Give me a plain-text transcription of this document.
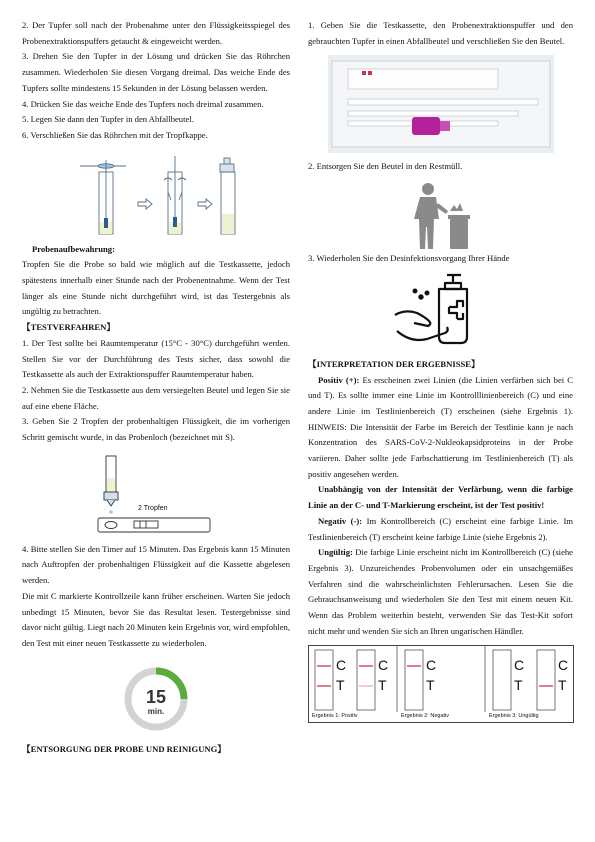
2. Der Tupfer soll nach der Probenahme unter den Flüssigkeitsspiegel des Probenextraktionspuffers getaucht & eingeweicht werden.

3. Drehen Sie den Tupfer in der Lösung und drücken Sie das Röhrchen zusammen. Wiederholen Sie diesen Vorgang dreimal. Das weiche Ende des Tupfers sollte mindestens 15 Sekunden in der Lösung belassen werden.

4. Drücken Sie das weiche Ende des Tupfers noch dreimal zusammen.

5. Legen Sie dann den Tupfer in den Abfallbeutel.

6. Verschließen Sie das Röhrchen mit der Tropfkappe.

Probenaufbewahrung:

Tropfen Sie die Probe so bald wie möglich auf die Testkassette, jedoch spätestens innerhalb einer Stunde nach der Probenentnahme. Wenn der Test länger als eine Stunde nicht durchgeführt wird, ist das Testergebnis als ungültig zu betrachten.

【TESTVERFAHREN】

1. Der Test sollte bei Raumtemperatur (15°C - 30°C) durchgeführt werden. Stellen Sie vor der Durchführung des Tests sicher, dass sowohl die Testkassette als auch der Extraktionspuffer Raumtemperatur haben.

2. Nehmen Sie die Testkassette aus dem versiegelten Beutel und legen Sie sie auf eine ebene Fläche.

3. Geben Sie 2 Tropfen der probenhaltigen Flüssigkeit, die im vorherigen Schritt gemischt wurde, in das Probenloch (bezeichnet mit S).

2 Tropfen

4. Bitte stellen Sie den Timer auf 15 Minuten. Das Ergebnis kann 15 Minuten nach Auftropfen der probenhaltigen Flüssigkeit auf die Kassette abgelesen werden.

Die mit C markierte Kontrollzeile kann früher erscheinen. Warten Sie jedoch unbedingt 15 Minuten, bevor Sie das Resultat lesen. Testergebnisse sind davor nicht gültig. Liegt nach 20 Minuten kein Ergebnis vor, wird empfohlen, den Test mit einer neuen Testkassette zu wiederholen.

15
min.

【ENTSORGUNG DER PROBE UND REINIGUNG】

1. Geben Sie die Testkassette, den Probenextraktionspuffer und den gebrauchten Tupfer in einen Abfallbeutel und verschließen Sie den Beutel.

2. Entsorgen Sie den Beutel in den Restmüll.

3. Wiederholen Sie den Desinfektionsvorgang Ihrer Hände

【INTERPRETATION DER ERGEBNISSE】

Positiv (+): Es erscheinen zwei Linien (die Linien verfärben sich bei C und T). Es sollte immer eine Linie im Kontrolllinienbereich (C) und eine andere Linie im Testlinienbereich (T) erscheinen (siehe Ergebnis 1). HINWEIS: Die Intensität der Farbe im Bereich der Testlinie kann je nach Konzentration des SARS-CoV-2-Nukleokapsidproteins in der Probe variieren. Daher sollte jede Farbschattierung im Testlinienbereich (T) als positiv angesehen werden.

Unabhängig von der Intensität der Verfärbung, wenn die farbige Linie an der C- und T-Markierung erscheint, ist der Test positiv!

Negativ (-): Im Kontrollbereich (C) erscheint eine farbige Linie. Im Testlinienbereich (T) erscheint keine farbige Linie (siehe Ergebnis 2).

Ungültig: Die farbige Linie erscheint nicht im Kontrollbereich (C) (siehe Ergebnis 3). Unzureichendes Probenvolumen oder ein unsachgemäßes Verfahren sind die wahrscheinlichsten Fehlerursachen. Lesen Sie die Gebrauchsanweisung und wiederholen Sie den Test mit einem neuen Kit. Wenn das Problem weiterhin besteht, verwenden Sie das Test-Kit sofort nicht mehr und wenden Sie sich an Ihren ungarischen Händler.

C
T
C
T
C
T
C
T
C
T
Ergebnis 1: Positiv	Ergebnis 2: Negativ	Ergebnis 3: Ungültig
